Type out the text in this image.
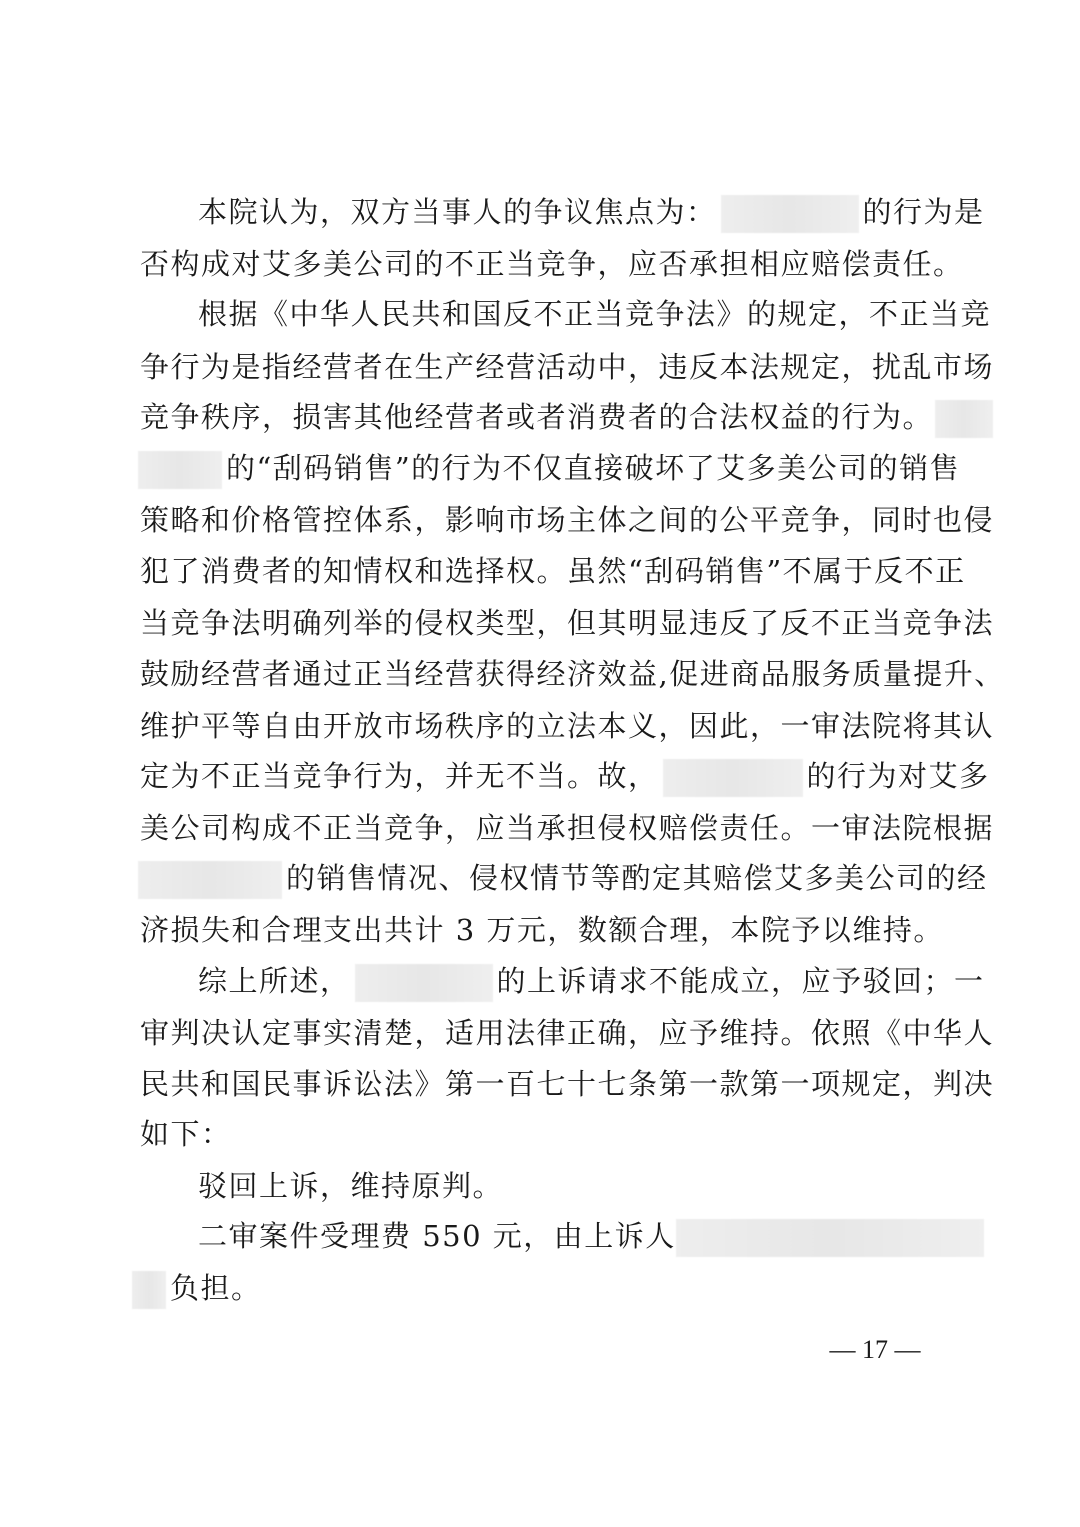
本院认为，双方当事人的争议焦点为：	的行为是
否构成对艾多美公司的不正当竞争，应否承担相应赔偿责任。
根据《中华人民共和国反不正当竞争法》的规定，不正当竞
争行为是指经营者在生产经营活动中，违反本法规定，扰乱市场
竞争秩序，损害其他经营者或者消费者的合法权益的行为。
的“刮码销售”的行为不仅直接破坏了艾多美公司的销售
策略和价格管控体系，影响市场主体之间的公平竞争，同时也侵
犯了消费者的知情权和选择权。虽然“刮码销售”不属于反不正
当竞争法明确列举的侵权类型，但其明显违反了反不正当竞争法
鼓励经营者通过正当经营获得经济效益,促进商品服务质量提升、
维护平等自由开放市场秩序的立法本义，因此，一审法院将其认
定为不正当竞争行为，并无不当。故，	的行为对艾多
美公司构成不正当竞争，应当承担侵权赔偿责任。一审法院根据
的销售情况、侵权情节等酌定其赔偿艾多美公司的经
济损失和合理支出共计 3 万元，数额合理，本院予以维持。
综上所述，	的上诉请求不能成立，应予驳回；一
审判决认定事实清楚，适用法律正确，应予维持。依照《中华人
民共和国民事诉讼法》第一百七十七条第一款第一项规定，判决
如下：
驳回上诉，维持原判。
二审案件受理费 550 元，由上诉人
负担。
— 17 —
